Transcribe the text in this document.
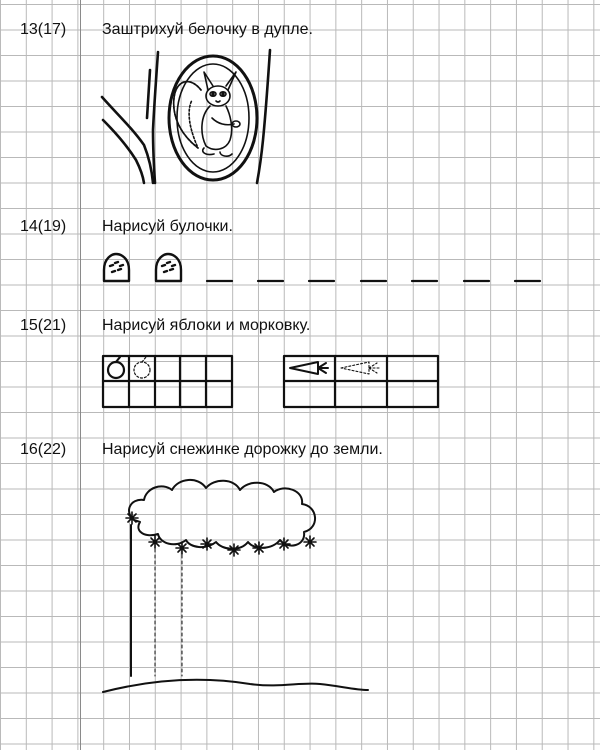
13(17) Заштрихуй белочку в дупле.
14(19) Нарисуй булочки.
15(21) Нарисуй яблоки и морковку.
16(22) Нарисуй снежинке дорожку до земли.
